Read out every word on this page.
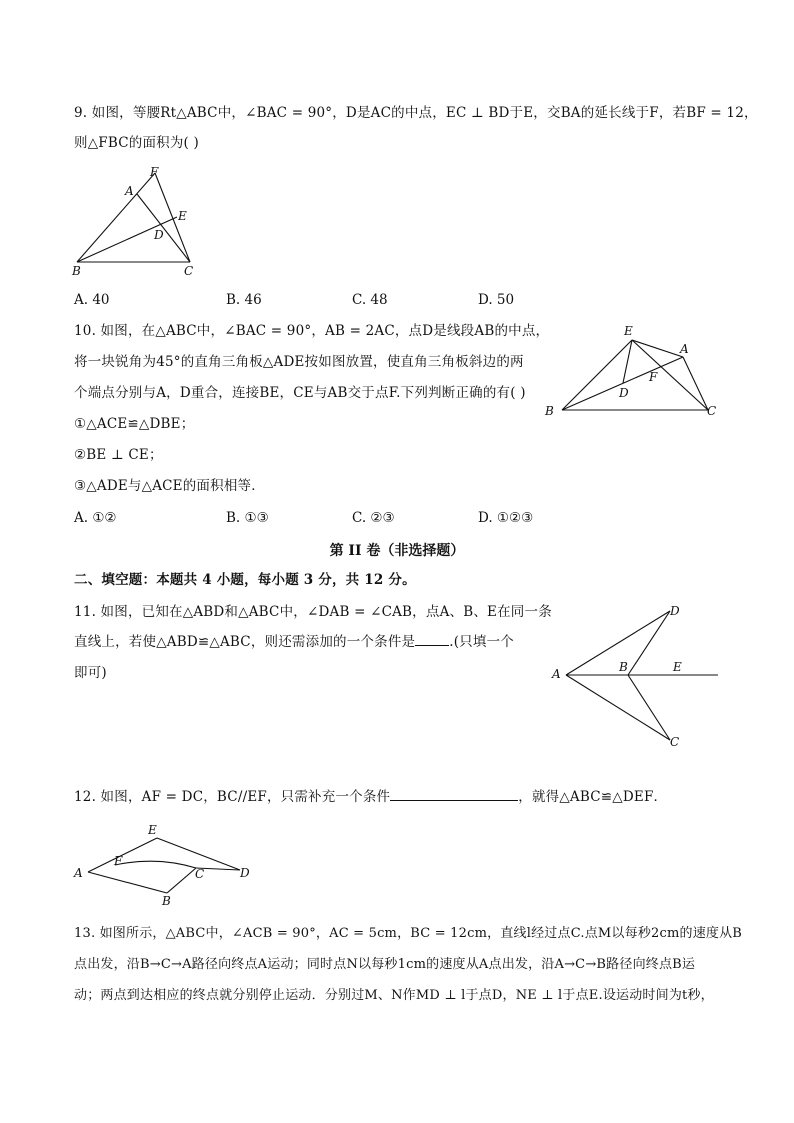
9. 如图，等腰Rt△ABC中，∠BAC = 90°，D是AC的中点，EC ⊥ BD于E，交BA的延长线于F，若BF = 12，
则△FBC的面积为( )
F
A
E
D
B	C
A. 40	B. 46	C. 48	D. 50
10. 如图，在△ABC中，∠BAC = 90°，AB = 2AC，点D是线段AB的中点，
将一块锐角为45°的直角三角板△ADE按如图放置，使直角三角板斜边的两
个端点分别与A，D重合，连接BE，CE与AB交于点F.下列判断正确的有( )
①△ACE≌△DBE；
②BE ⊥ CE；
③△ADE与△ACE的面积相等．
E
A
F
D
B	C
A. ①②	B. ①③	C. ②③	D. ①②③
第 II 卷（非选择题）
二、填空题：本题共 4 小题，每小题 3 分，共 12 分。
11. 如图，已知在△ABD和△ABC中，∠DAB = ∠CAB，点A、B、E在同一条
直线上，若使△ABD≌△ABC，则还需添加的一个条件是	.(只填一个
即可)
D
A	B	E
C
12. 如图，AF = DC，BC//EF，只需补充一个条件	，就得△ABC≌△DEF．
E
F
A	C	D
B
13. 如图所示，△ABC中，∠ACB = 90°，AC = 5cm，BC = 12cm，直线l经过点C.点M以每秒2cm的速度从B
点出发，沿B→C→A路径向终点A运动；同时点N以每秒1cm的速度从A点出发，沿A→C→B路径向终点B运
动；两点到达相应的终点就分别停止运动．分别过M、N作MD ⊥ l于点D，NE ⊥ l于点E.设运动时间为t秒，
